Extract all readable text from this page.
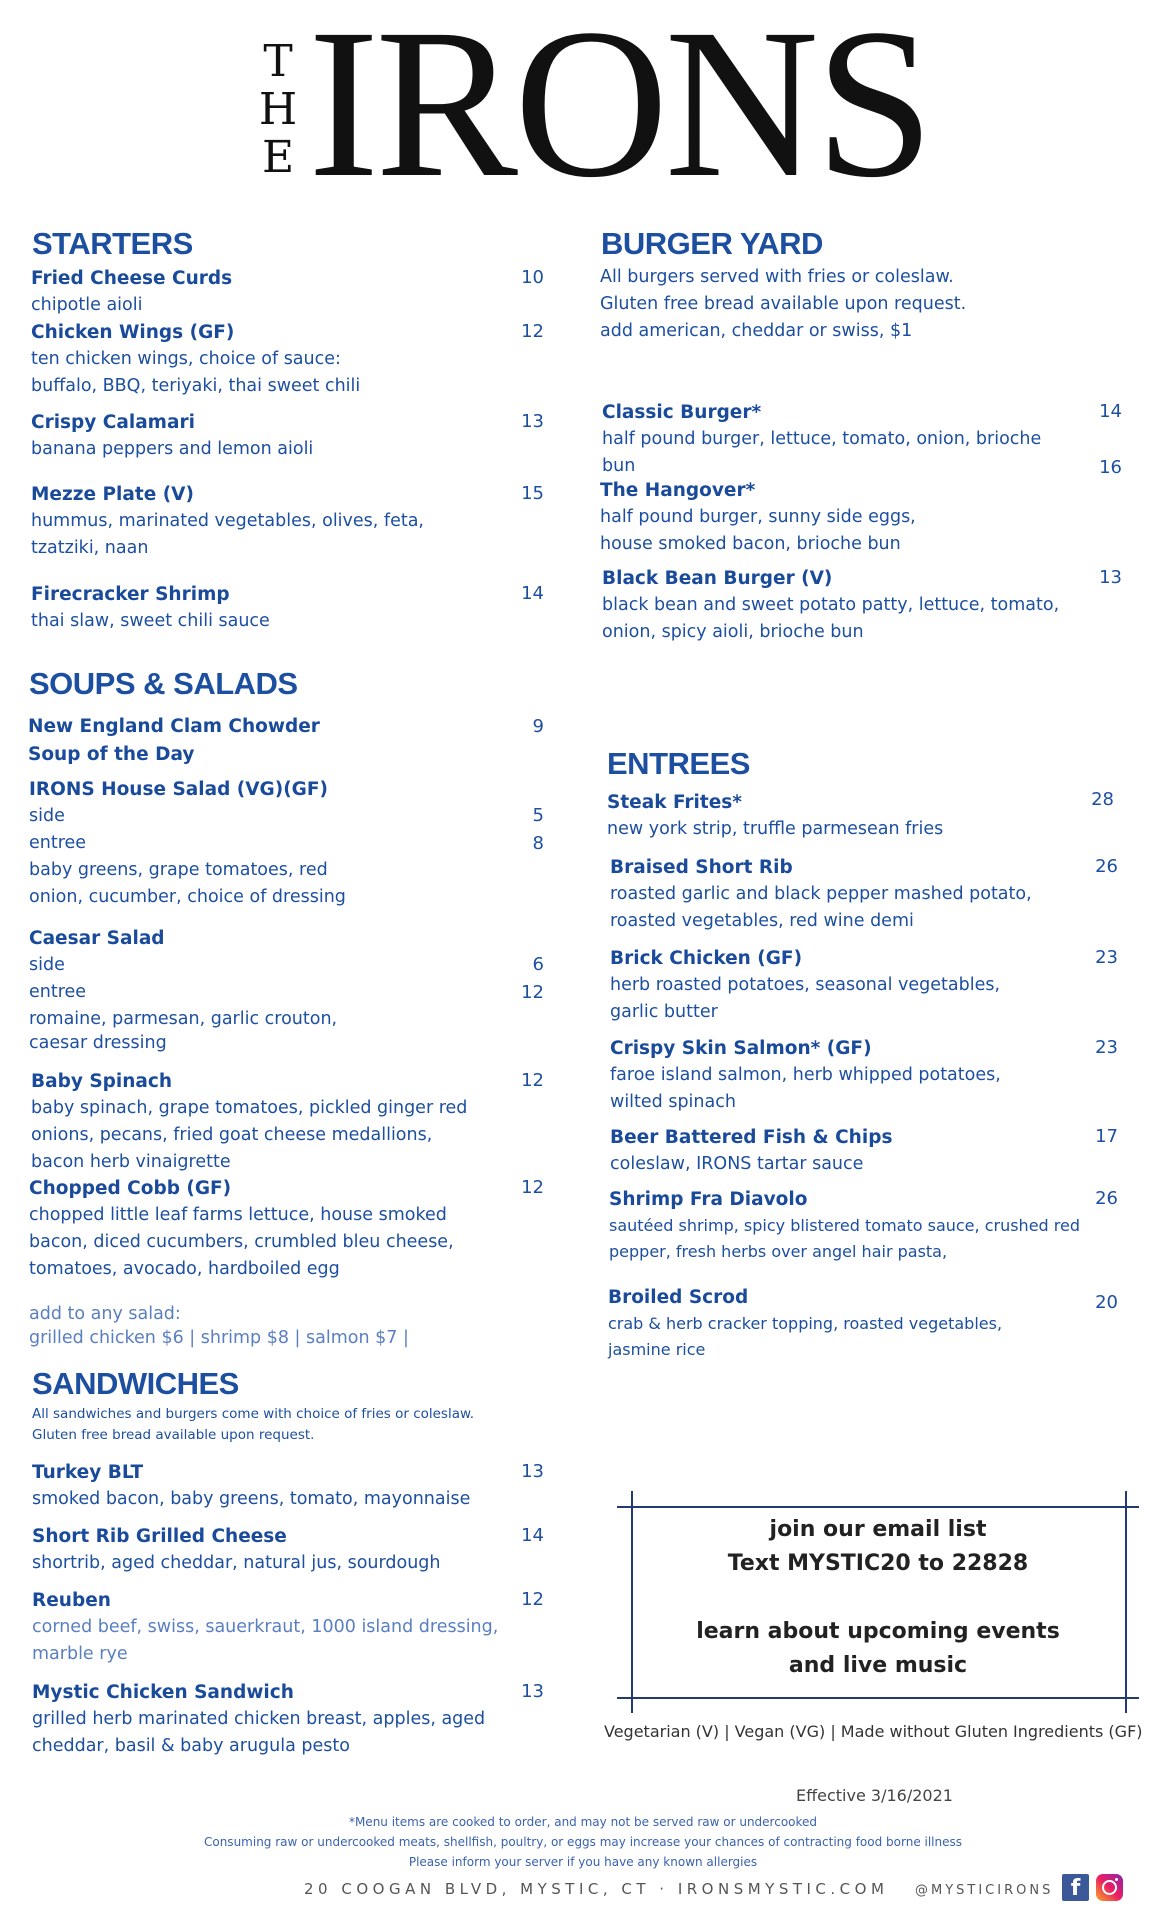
T
H
E IRONS
STARTERS
Fried Cheese Curds
chipotle aioli
10
Chicken Wings (GF)
ten chicken wings, choice of sauce:
buffalo, BBQ, teriyaki, thai sweet chili
12
Crispy Calamari
banana peppers and lemon aioli
13
Mezze Plate (V)
hummus, marinated vegetables, olives, feta,
tzatziki, naan
15
Firecracker Shrimp
thai slaw, sweet chili sauce
14
SOUPS & SALADS
New England Clam Chowder
Soup of the Day
9
IRONS House Salad (VG)(GF)
side
entree
baby greens, grape tomatoes, red
onion, cucumber, choice of dressing
5
8
Caesar Salad
side
entree
romaine, parmesan, garlic crouton,
caesar dressing
6
12
Baby Spinach
baby spinach, grape tomatoes, pickled ginger red
onions, pecans, fried goat cheese medallions,
bacon herb vinaigrette
12
Chopped Cobb (GF)
chopped little leaf farms lettuce, house smoked
bacon, diced cucumbers, crumbled bleu cheese,
tomatoes, avocado, hardboiled egg
12
add to any salad:
grilled chicken $6 | shrimp $8 | salmon $7 |
SANDWICHES
All sandwiches and burgers come with choice of fries or coleslaw.
Gluten free bread available upon request.
Turkey BLT
smoked bacon, baby greens, tomato, mayonnaise
13
Short Rib Grilled Cheese
shortrib, aged cheddar, natural jus, sourdough
14
Reuben
corned beef, swiss, sauerkraut, 1000 island dressing,
marble rye
12
Mystic Chicken Sandwich
grilled herb marinated chicken breast, apples, aged
cheddar, basil & baby arugula pesto
13
BURGER YARD
All burgers served with fries or coleslaw.
Gluten free bread available upon request.
add american, cheddar or swiss, $1
Classic Burger*
half pound burger, lettuce, tomato, onion, brioche
bun
14
The Hangover*
half pound burger, sunny side eggs,
house smoked bacon, brioche bun
16
Black Bean Burger (V)
black bean and sweet potato patty, lettuce, tomato,
onion, spicy aioli, brioche bun
13
ENTREES
Steak Frites*
new york strip, truffle parmesean fries
28
Braised Short Rib
roasted garlic and black pepper mashed potato,
roasted vegetables, red wine demi
26
Brick Chicken (GF)
herb roasted potatoes, seasonal vegetables,
garlic butter
23
Crispy Skin Salmon* (GF)
faroe island salmon, herb whipped potatoes,
wilted spinach
23
Beer Battered Fish & Chips
coleslaw, IRONS tartar sauce
17
Shrimp Fra Diavolo
sautéed shrimp, spicy blistered tomato sauce, crushed red
pepper, fresh herbs over angel hair pasta,
26
Broiled Scrod
crab & herb cracker topping, roasted vegetables,
jasmine rice
20
join our email list
Text MYSTIC20 to 22828
learn about upcoming events
and live music
Vegetarian (V) | Vegan (VG) | Made without Gluten Ingredients (GF)
Effective 3/16/2021
*Menu items are cooked to order, and may not be served raw or undercooked
Consuming raw or undercooked meats, shellfish, poultry, or eggs may increase your chances of contracting food borne illness
Please inform your server if you have any known allergies
20 COOGAN BLVD, MYSTIC, CT · IRONSMYSTIC.COM @MYSTICIRONS f
